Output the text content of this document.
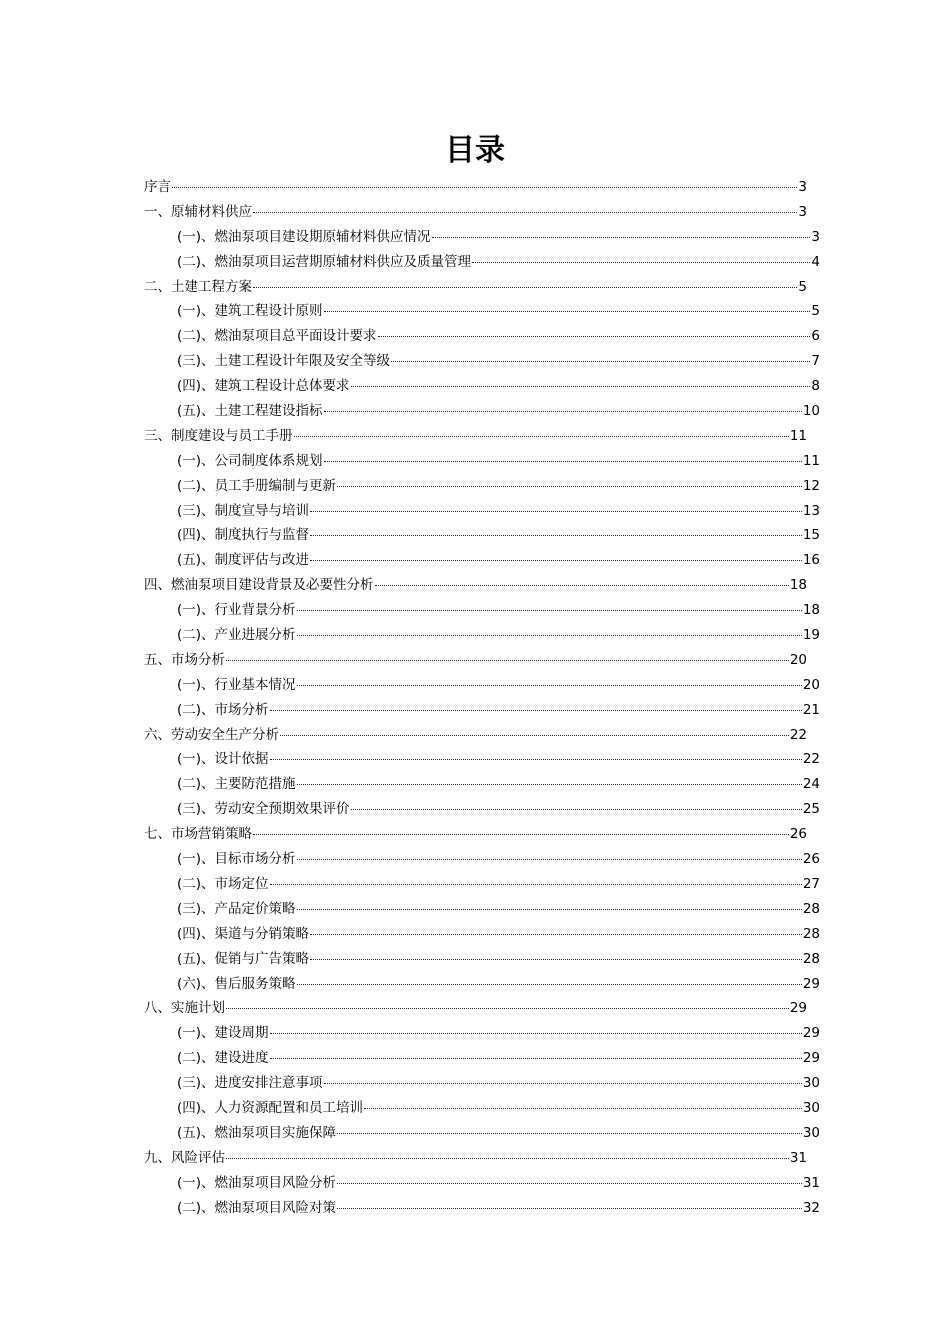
目录
序言	3
一、原辅材料供应	3
(一)、燃油泵项目建设期原辅材料供应情况	3
(二)、燃油泵项目运营期原辅材料供应及质量管理	4
二、土建工程方案	5
(一)、建筑工程设计原则	5
(二)、燃油泵项目总平面设计要求	6
(三)、土建工程设计年限及安全等级	7
(四)、建筑工程设计总体要求	8
(五)、土建工程建设指标	10
三、制度建设与员工手册	11
(一)、公司制度体系规划	11
(二)、员工手册编制与更新	12
(三)、制度宣导与培训	13
(四)、制度执行与监督	15
(五)、制度评估与改进	16
四、燃油泵项目建设背景及必要性分析	18
(一)、行业背景分析	18
(二)、产业进展分析	19
五、市场分析	20
(一)、行业基本情况	20
(二)、市场分析	21
六、劳动安全生产分析	22
(一)、设计依据	22
(二)、主要防范措施	24
(三)、劳动安全预期效果评价	25
七、市场营销策略	26
(一)、目标市场分析	26
(二)、市场定位	27
(三)、产品定价策略	28
(四)、渠道与分销策略	28
(五)、促销与广告策略	28
(六)、售后服务策略	29
八、实施计划	29
(一)、建设周期	29
(二)、建设进度	29
(三)、进度安排注意事项	30
(四)、人力资源配置和员工培训	30
(五)、燃油泵项目实施保障	30
九、风险评估	31
(一)、燃油泵项目风险分析	31
(二)、燃油泵项目风险对策	32
